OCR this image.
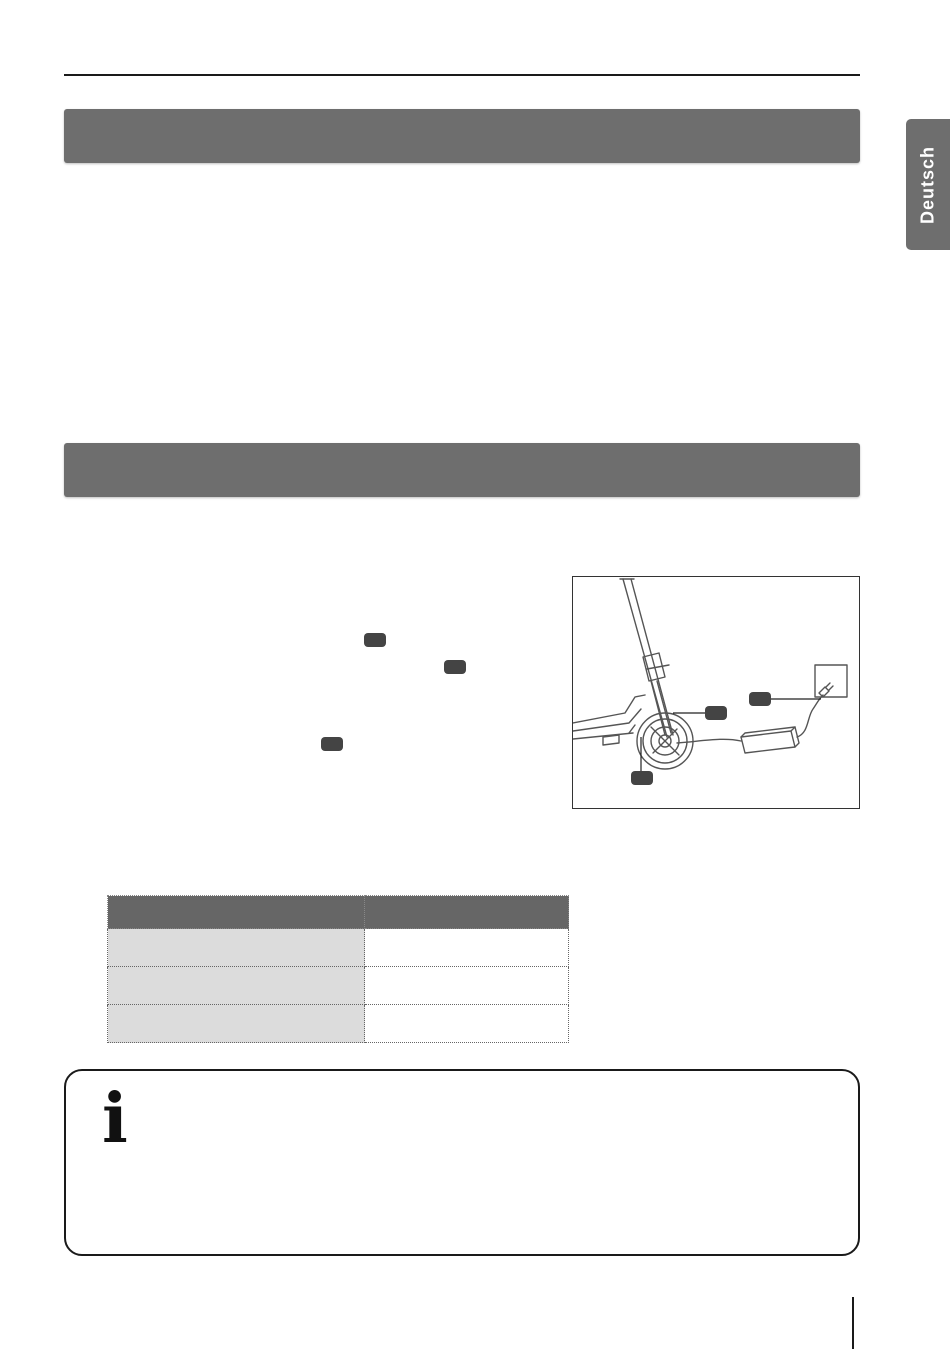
Deutsch

i
